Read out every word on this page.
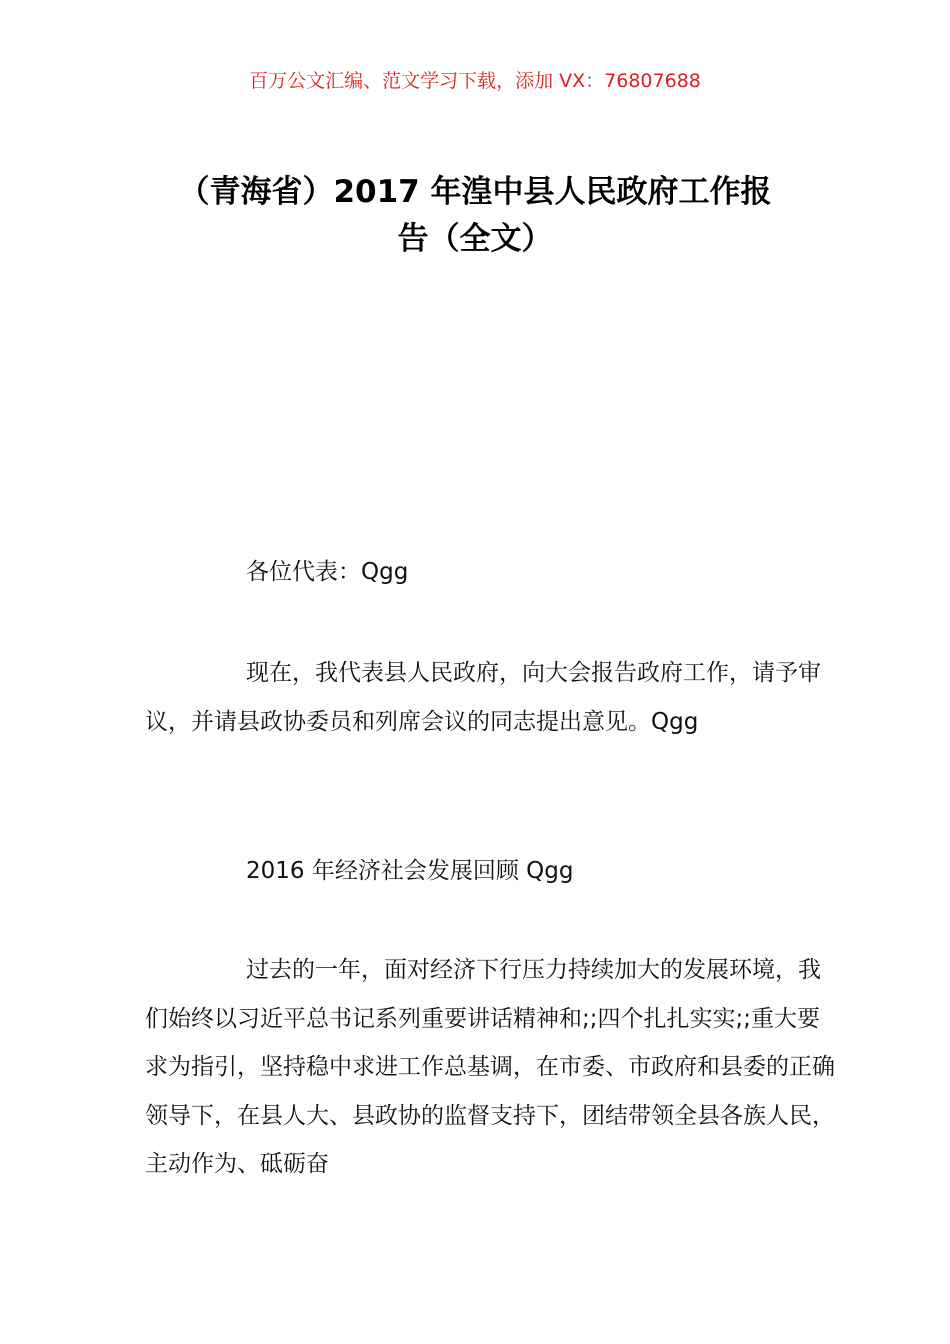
百万公文汇编、范文学习下载，添加 VX：76807688
（青海省）2017 年湟中县人民政府工作报
告（全文）

各位代表：Qgg

现在，我代表县人民政府，向大会报告政府工作，请予审议，并请县政协委员和列席会议的同志提出意见。Qgg

2016 年经济社会发展回顾 Qgg

过去的一年，面对经济下行压力持续加大的发展环境，我们始终以习近平总书记系列重要讲话精神和;;四个扎扎实实;;重大要求为指引，坚持稳中求进工作总基调，在市委、市政府和县委的正确领导下，在县人大、县政协的监督支持下，团结带领全县各族人民，主动作为、砥砺奋
